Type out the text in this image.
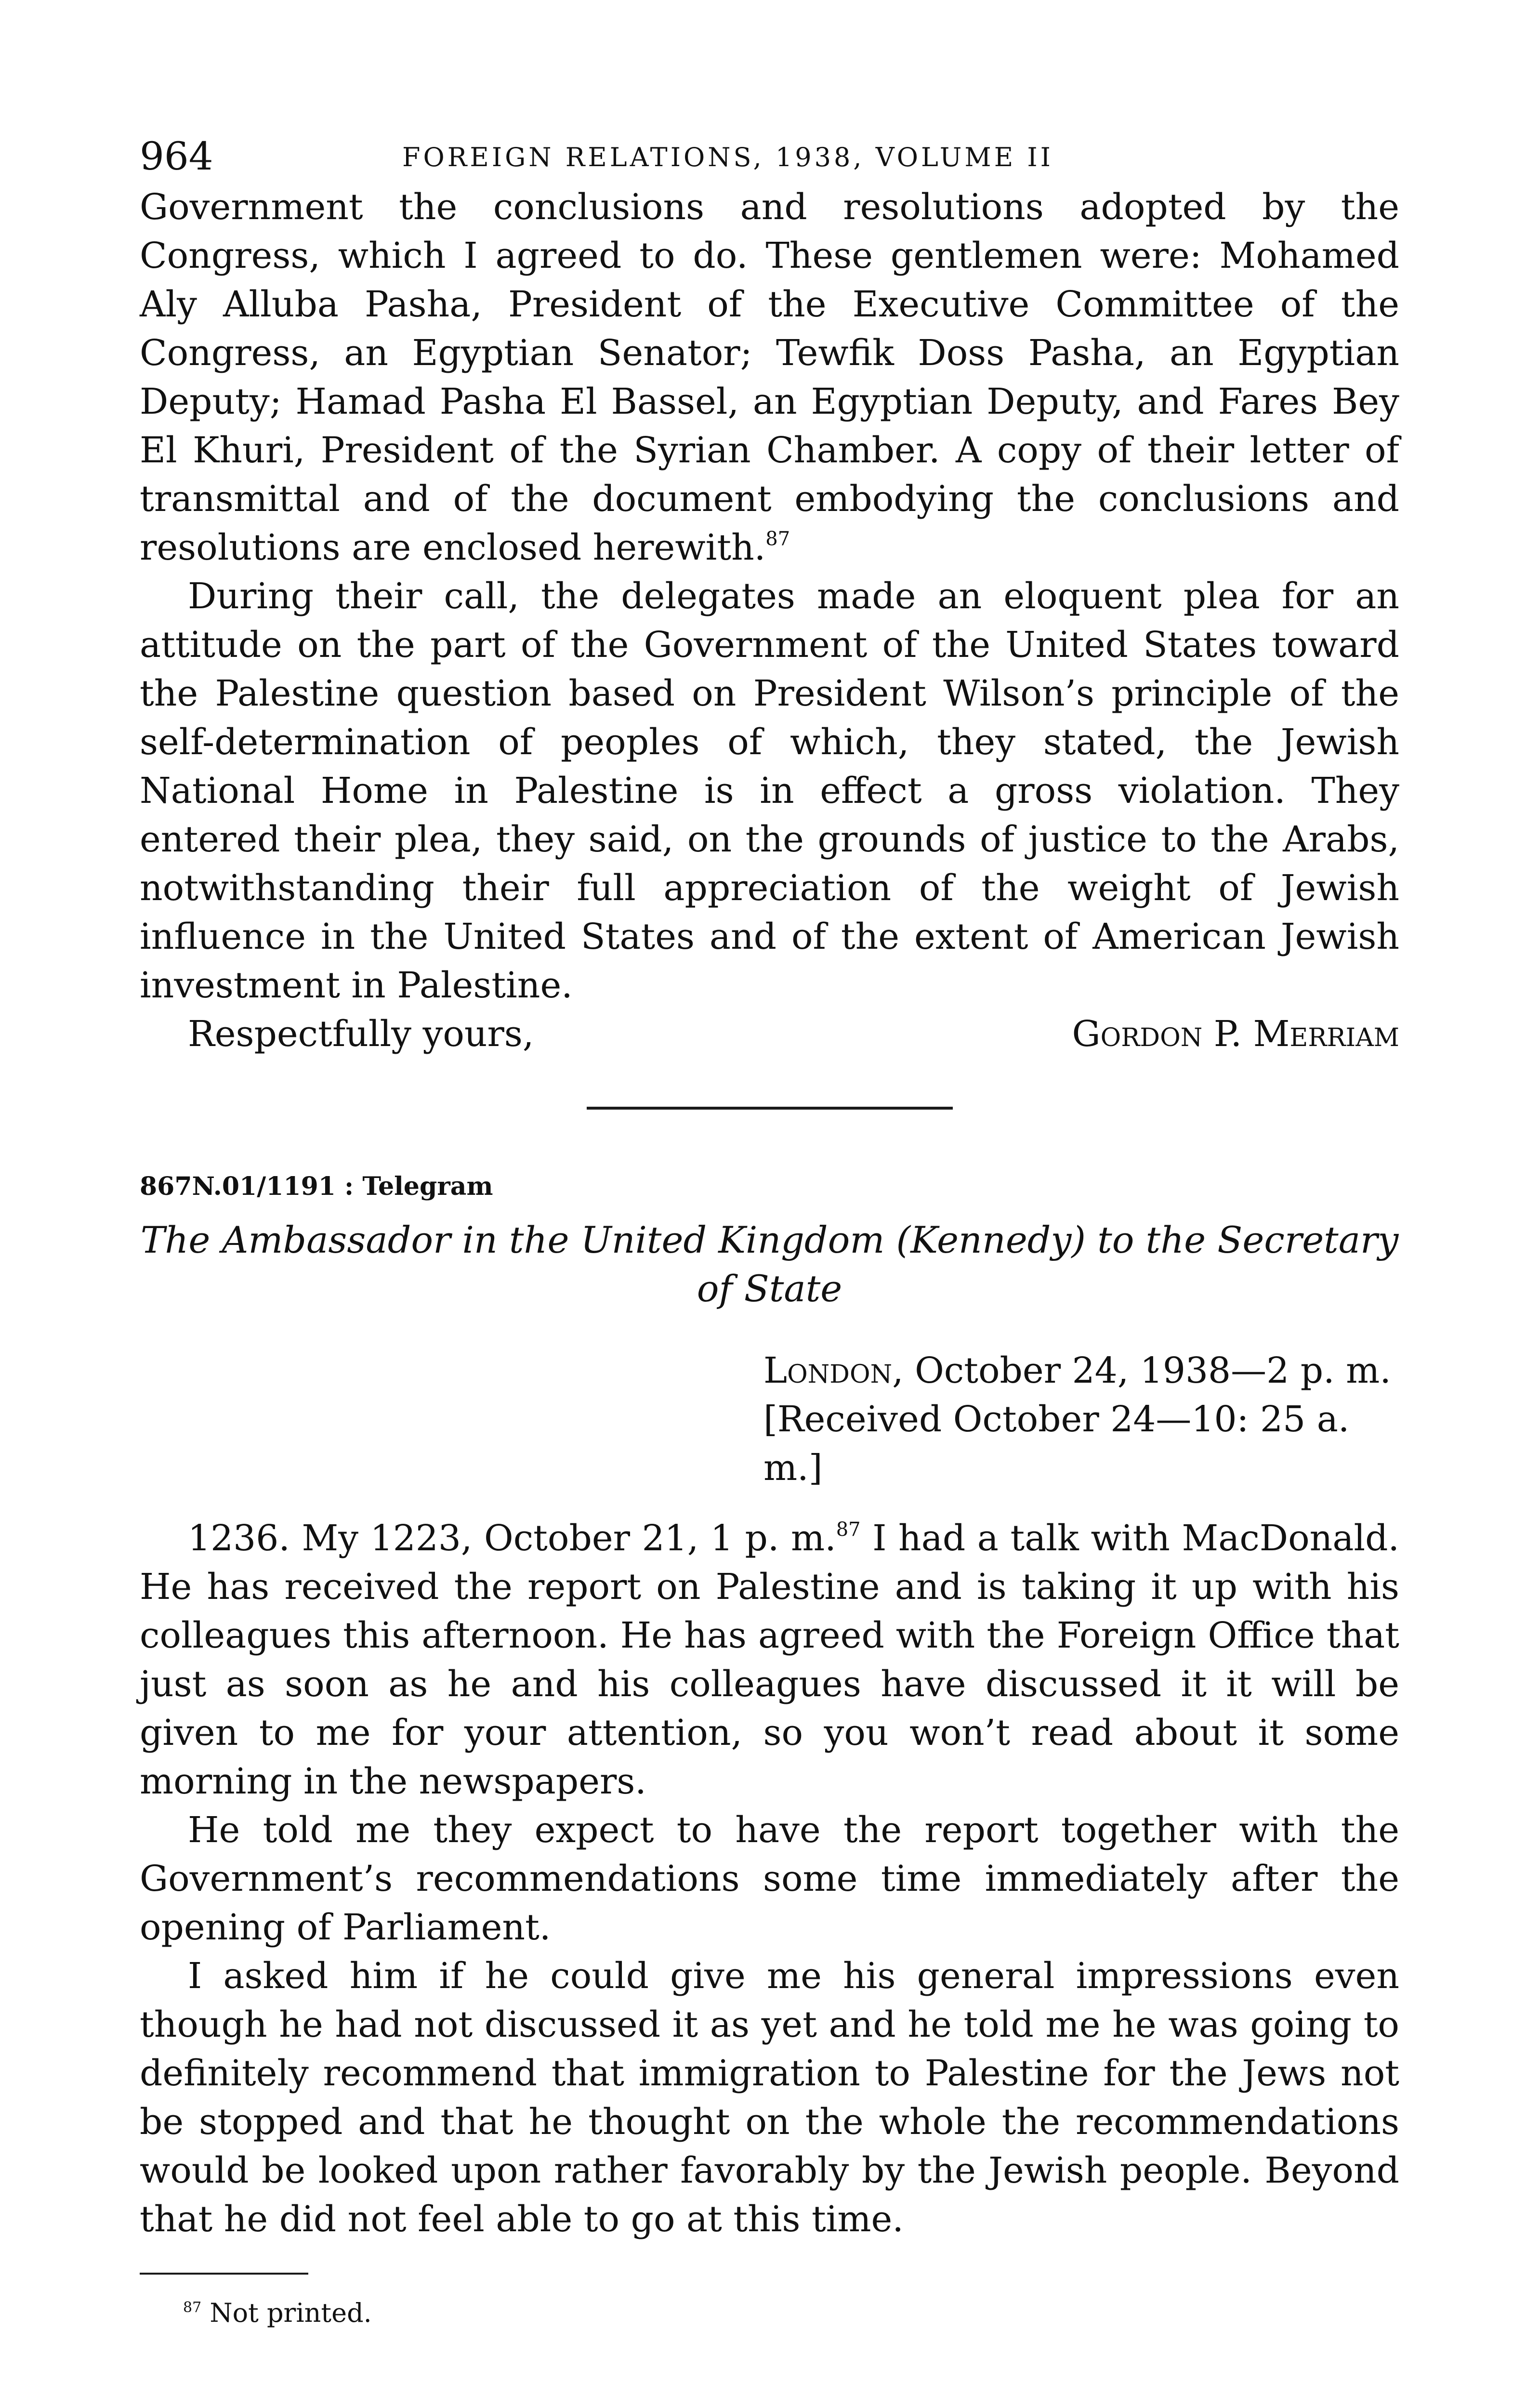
964	FOREIGN RELATIONS, 1938, VOLUME II

Government the conclusions and resolutions adopted by the Congress, which I agreed to do. These gentlemen were: Mohamed Aly Alluba Pasha, President of the Executive Committee of the Congress, an Egyptian Senator; Tewfik Doss Pasha, an Egyptian Deputy; Hamad Pasha El Bassel, an Egyptian Deputy, and Fares Bey El Khuri, President of the Syrian Chamber. A copy of their letter of transmittal and of the document embodying the conclusions and resolutions are enclosed herewith.$^{87}$

During their call, the delegates made an eloquent plea for an attitude on the part of the Government of the United States toward the Palestine question based on President Wilson’s principle of the self-determination of peoples of which, they stated, the Jewish National Home in Palestine is in effect a gross violation. They entered their plea, they said, on the grounds of justice to the Arabs, notwithstanding their full appreciation of the weight of Jewish influence in the United States and of the extent of American Jewish investment in Palestine.

Respectfully yours,	Gordon P. Merriam
867N.01/1191 : Telegram
The Ambassador in the United Kingdom (Kennedy) to the Secretary
of State
London, October 24, 1938—2 p. m.
[Received October 24—10: 25 a. m.]

1236. My 1223, October 21, 1 p. m.$^{87}$ I had a talk with MacDonald. He has received the report on Palestine and is taking it up with his colleagues this afternoon. He has agreed with the Foreign Office that just as soon as he and his colleagues have discussed it it will be given to me for your attention, so you won’t read about it some morning in the newspapers.

He told me they expect to have the report together with the Government’s recommendations some time immediately after the opening of Parliament.

I asked him if he could give me his general impressions even though he had not discussed it as yet and he told me he was going to definitely recommend that immigration to Palestine for the Jews not be stopped and that he thought on the whole the recommendations would be looked upon rather favorably by the Jewish people. Beyond that he did not feel able to go at this time.

$^{87}$ Not printed.
